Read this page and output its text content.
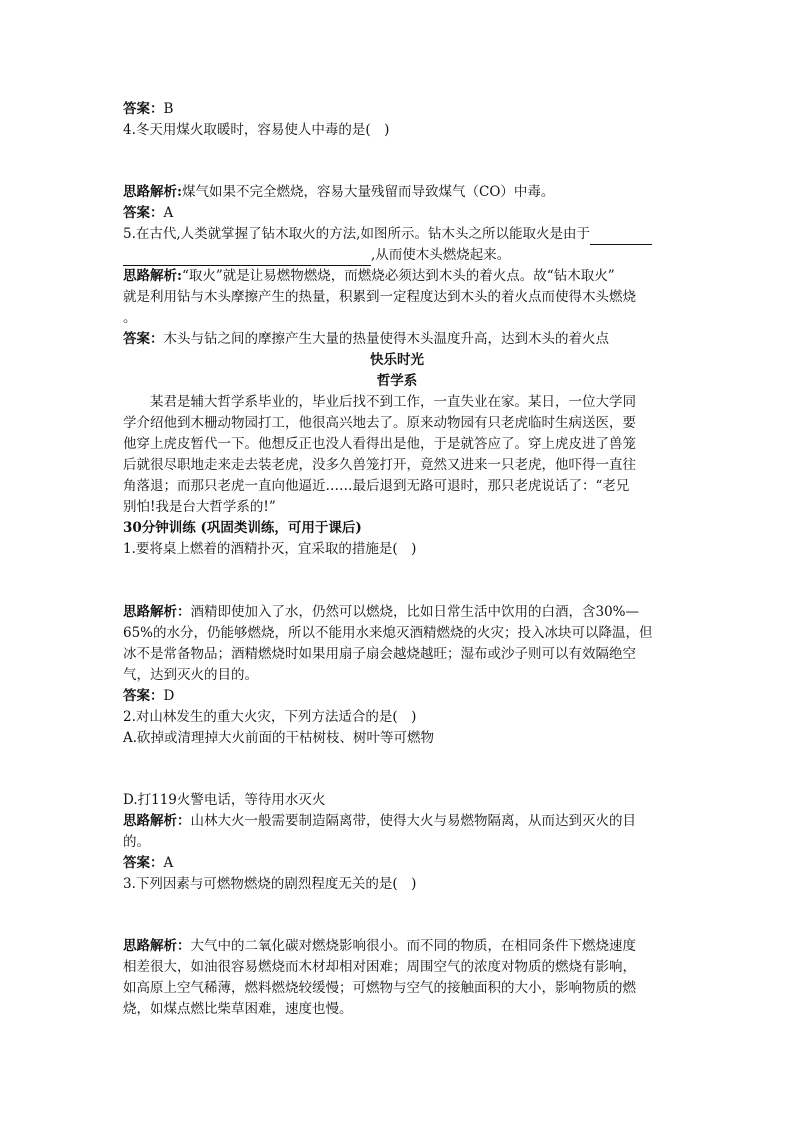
答案：B
4.冬天用煤火取暖时，容易使人中毒的是(　)
思路解析:煤气如果不完全燃烧，容易大量残留而导致煤气（CO）中毒。
答案：A
5.在古代,人类就掌握了钻木取火的方法,如图所示。钻木头之所以能取火是由于
,从而使木头燃烧起来。
思路解析:“取火”就是让易燃物燃烧，而燃烧必须达到木头的着火点。故“钻木取火”
就是利用钻与木头摩擦产生的热量，积累到一定程度达到木头的着火点而使得木头燃烧
。
答案：木头与钻之间的摩擦产生大量的热量使得木头温度升高，达到木头的着火点
快乐时光
哲学系
某君是辅大哲学系毕业的，毕业后找不到工作，一直失业在家。某日，一位大学同
学介绍他到木栅动物园打工，他很高兴地去了。原来动物园有只老虎临时生病送医，要
他穿上虎皮暂代一下。他想反正也没人看得出是他，于是就答应了。穿上虎皮进了兽笼
后就很尽职地走来走去装老虎，没多久兽笼打开，竟然又进来一只老虎，他吓得一直往
角落退；而那只老虎一直向他逼近……最后退到无路可退时，那只老虎说话了：“老兄
别怕!我是台大哲学系的!”
30分钟训练 (巩固类训练，可用于课后)
1.要将桌上燃着的酒精扑灭，宜采取的措施是(　)
思路解析：酒精即使加入了水，仍然可以燃烧，比如日常生活中饮用的白酒，含30%—
65%的水分，仍能够燃烧，所以不能用水来熄灭酒精燃烧的火灾；投入冰块可以降温，但
冰不是常备物品；酒精燃烧时如果用扇子扇会越烧越旺；湿布或沙子则可以有效隔绝空
气，达到灭火的目的。
答案：D
2.对山林发生的重大火灾，下列方法适合的是(　)
A.砍掉或清理掉大火前面的干枯树枝、树叶等可燃物
D.打119火警电话，等待用水灭火
思路解析：山林大火一般需要制造隔离带，使得大火与易燃物隔离，从而达到灭火的目
的。
答案：A
3.下列因素与可燃物燃烧的剧烈程度无关的是(　)
思路解析：大气中的二氧化碳对燃烧影响很小。而不同的物质，在相同条件下燃烧速度
相差很大，如油很容易燃烧而木材却相对困难；周围空气的浓度对物质的燃烧有影响，
如高原上空气稀薄，燃料燃烧较缓慢；可燃物与空气的接触面积的大小，影响物质的燃
烧，如煤点燃比柴草困难，速度也慢。
